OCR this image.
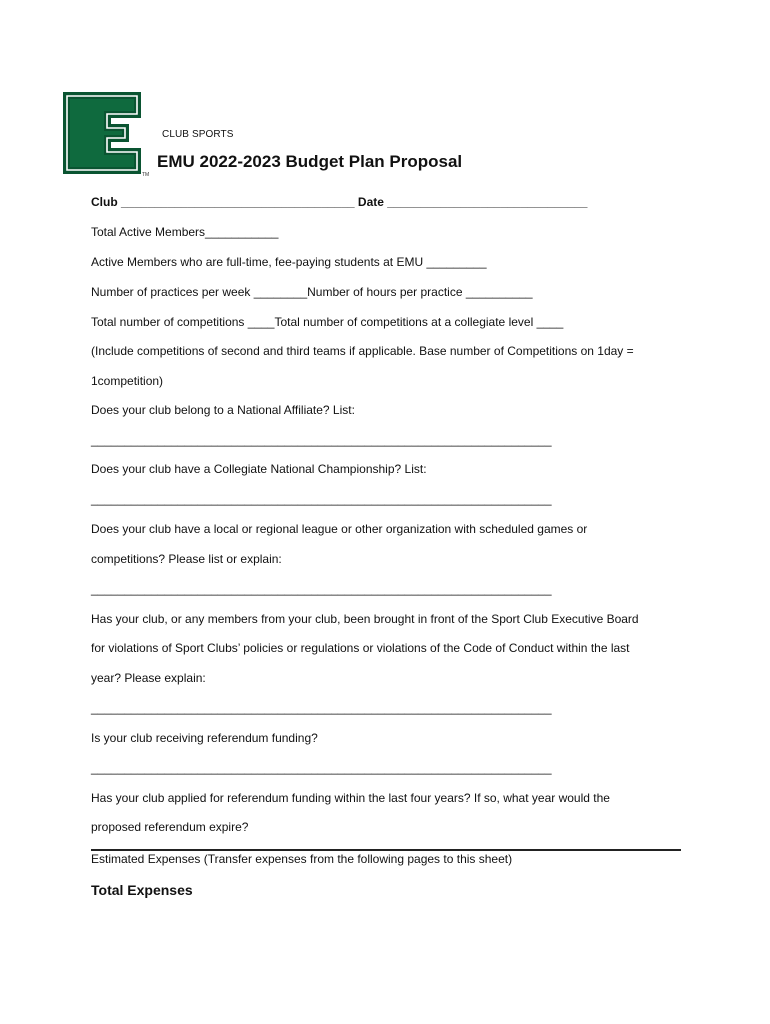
TM
CLUB SPORTS
EMU 2022-2023 Budget Plan Proposal
Club ___________________________________ Date ______________________________
Total Active Members___________
Active Members who are full-time, fee-paying students at EMU _________
Number of practices per week ________Number of hours per practice __________
Total number of competitions ____Total number of competitions at a collegiate level ____
(Include competitions of second and third teams if applicable. Base number of Competitions on 1day =
1competition)
Does your club belong to a National Affiliate? List:
_____________________________________________________________________
Does your club have a Collegiate National Championship? List:
_____________________________________________________________________
Does your club have a local or regional league or other organization with scheduled games or
competitions? Please list or explain:
_____________________________________________________________________
Has your club, or any members from your club, been brought in front of the Sport Club Executive Board
for violations of Sport Clubs’ policies or regulations or violations of the Code of Conduct within the last
year? Please explain:
_____________________________________________________________________
Is your club receiving referendum funding?
_____________________________________________________________________
Has your club applied for referendum funding within the last four years? If so, what year would the
proposed referendum expire?
Estimated Expenses (Transfer expenses from the following pages to this sheet)
Total Expenses
